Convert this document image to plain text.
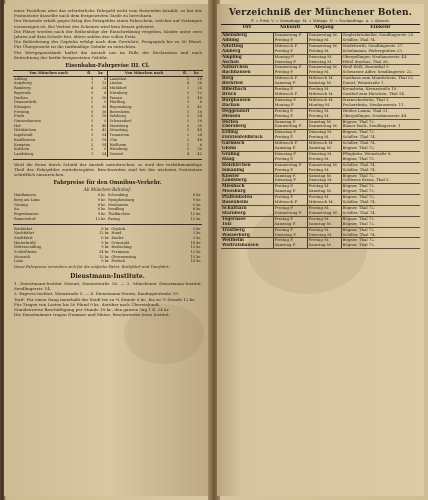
einer Postillons aber das erforderliche Fahrgeld nicht vom Reisenden bezahlt, so hat der Postmeister dasselbe nach dem festgesetzten Tarife zu berechnen.
Der Reisende erhält gegen Erlag des Fahrgeldes einen Fahrschein, welcher auf Verlangen vorzuzeigen ist. Bei Verlust des Scheines wird kein Ersatz geleistet.
Die Plätze werden nach der Reihenfolge der Einschreibung vergeben, Kinder unter zwei Jahren auf dem Schoße frei, ältere zahlen den vollen Preis.
Die Beförderung des Gepäcks erfolgt nach dem Gewichte; Freigepäck bis zu 30 Pfund. Für Übergewicht ist die tarifmäßige Gebühr zu entrichten.
Für Wertgegenstände haftet die Anstalt nur im Falle der Declaration und nach Entrichtung der hiefür festgesetzten Gebühr.
Eisenbahn-Fahrpreise III. Cl.
Von München nach	fl.	kr.	Von München nach	fl.	kr.
Aibling	1	6	Landshut	1	18
Augsburg	1	12	Lindau	4	36
Bamberg	4	24	Mühldorf	1	24
Bayreuth	5	6	Nürnberg	3	12
Dachau	0	18	Passau	3	48
Donauwörth	2	0	Plattling	3	6
Erlangen	3	30	Regensburg	2	42
Freising	0	36	Rosenheim	1	18
Fürth	3	18	Salzburg	2	54
Gunzenhausen	3	0	Schwandorf	3	18
Hof	5	48	Starnberg	0	30
Holzkirchen	0	42	Straubing	2	48
Ingolstadt	1	54	Traunstein	2	24
Kaufbeuren	2	18	Ulm	2	48
Kempten	2	54	Weilheim	1	6
Kufstein	2	0	Würzburg	5	30
Landsberg	1	24	Zwiesel	4	42
Wird die Reise durch Schuld der Anstalt unterbrochen, so wird der verhältnismäßige Theil des Fahrgeldes zurückvergütet. Beschwerden sind bei der nächsten Poststation schriftlich einzureichen.
Fahrpreise für den Omnibus-Verkehr.
Ab München-Bahnhof:
Haidhausen	6 kr.	Schwabing	6 kr.
Berg am Laim	9 kr.	Nymphenburg	9 kr.
Giesing	6 kr.	Neuhausen	6 kr.
Au	6 kr.	Sendling	6 kr.
Bogenhausen	9 kr.	Thalkirchen	12 kr.
Ramersdorf	12 kr.	Pasing	15 kr.
Rückfahrt	6 kr.	Gepäck	3 kr.
Nachtfahrt	12 kr.	Hund	3 kr.
Stadtfahrt	6 kr.	Kinder	3 kr.
Hinterbrühl	9 kr.	Grünwald	18 kr.
Mittersendling	9 kr.	Harlaching	12 kr.
Schleißheim	24 kr.	Freimann	12 kr.
Moosach	12 kr.	Obermenzing	15 kr.
Laim	9 kr.	Perlach	18 kr.
Diese Fahrpreise verstehen sich für die einfache Fahrt, Rückfahrt und Tourfahrt.
Dienstmann-Institute.
1. Dienstmann-Institut Ostend, Dienerstraße 26. — 2. Münchener Dienstmann-Institut, Sendlingerstr. 14.
3. Express-Institut, Weinstraße 5. — 4. Dienstmann-Verein, Kaufingerstraße 19.
Tarif: Für einen Gang innerhalb der Stadt bis zu ¼ Stunde 6 kr., bis zu ½ Stunde 12 kr.
Für Tragen von Lasten bis 50 Pfund 9 kr., darüber nach Übereinkunft.
Stundenweise Beschäftigung per Stunde 18 kr., den ganzen Tag 1 fl. 24 kr.
Die Dienstmänner tragen Nummer und Mütze; Beschwerden beim Institut.
Verzeichniß der Münchener Boten.
F. = Früh. V. = Vormittags. M. = Mittags. N. = Nachmittags. A. = Abends.
Ort	Ankunft	Abgang	Einkehr
Abensberg	Donnerstag F.	Donnerstag M.	Zieglerbräukeller, Sendlingerstr. 25.
Aibling	Freitag F.	Freitag M.	Schiller, Thal 74.
Altötting	Mittwoch F.	Donnerstag M.	Stiefelwirth, Sendlingerstr. 27.
Amberg	Freitag F.	Freitag M.	Schuhmann, Färbergraben 23.
Ampfing	Montag F.	Dienstag M.	Oberpollinger, Neuhauserstr. 44.
Aschau	Dienstag F.	Dienstag M.	Hôtel Stachus, Thal 28.
Aufkirchen	Donnerstag F.	Donnerstag M.	Weiß Rößl, Rosenthal 9.
Bachhausen	Freitag F.	Freitag M.	Schwarzer Adler, Sendlingerstr. 22.
Berg	Mittwoch F.	Mittwoch M.	Gasthaus zum Mondschein, Thal 52.
Bernried	Samstag F.	Samstag M.	Donisl, Weinstraße 1.
Biberbach	Freitag F.	Freitag M.	Kreuzbräu, Kreuzstraße 10.
Bruck	Mittwoch F.	Mittwoch M.	Gasthof zum Hirschen, Thal 14.
Burghausen	Dienstag F.	Mittwoch M.	Sterneckerbräu, Thal 3.
Dachau	Montag F.	Montag M.	Pschorrbräu, Neuhauserstr. 11.
Deggendorf	Freitag F.	Freitag M.	Weißes Lamm, Thal 31.
Diessen	Freitag F.	Freitag M.	Oberpollinger, Neuhauserstr. 44.
Dorfen	Samstag F.	Samstag M.	Bögner, Thal 72.
Ebersberg	Donnerstag F.	Donnerstag M.	Blauer Bock, Sendlingerstr. 1.
Erding	Dienstag F.	Dienstag M.	Bögner, Thal 72.
Fürstenfeldbruck	Freitag F.	Freitag M.	Schiller, Thal 74.
Garmisch	Mittwoch F.	Mittwoch M.	Schiller, Thal 74.
Glonn	Samstag F.	Samstag M.	Bögner, Thal 72.
Grafing	Dienstag F.	Dienstag M.	Pflugbräu, Weinstraße 8.
Haag	Freitag F.	Freitag M.	Bögner, Thal 72.
Holzkirchen	Donnerstag F.	Donnerstag M.	Schiller, Thal 74.
Ismaning	Freitag F.	Freitag M.	Schiller, Thal 74.
Kloster	Samstag F.	Samstag M.	Bögner, Thal 72.
Landsberg	Dienstag F.	Dienstag M.	Goldenes Kreuz, Thal 5.
Miesbach	Freitag F.	Freitag M.	Bögner, Thal 72.
Moosburg	Samstag F.	Samstag M.	Bögner, Thal 72.
Pfaffenhofen	Freitag F.	Freitag M.	Bögner, Thal 72.
Rosenheim	Mittwoch F.	Mittwoch M.	Schiller, Thal 74.
Schäftlarn	Freitag F.	Freitag M.	Bögner, Thal 72.
Starnberg	Donnerstag F.	Donnerstag M.	Schiller, Thal 74.
Tegernsee	Freitag F.	Freitag M.	Bögner, Thal 72.
Tölz	Samstag F.	Samstag M.	Bögner, Thal 72.
Trostberg	Freitag F.	Freitag M.	Bögner, Thal 72.
Wasserburg	Dienstag F.	Dienstag M.	Schiller, Thal 74.
Weilheim	Freitag F.	Freitag M.	Bögner, Thal 72.
Wolfratshausen	Samstag F.	Samstag M.	Bögner, Thal 72.
